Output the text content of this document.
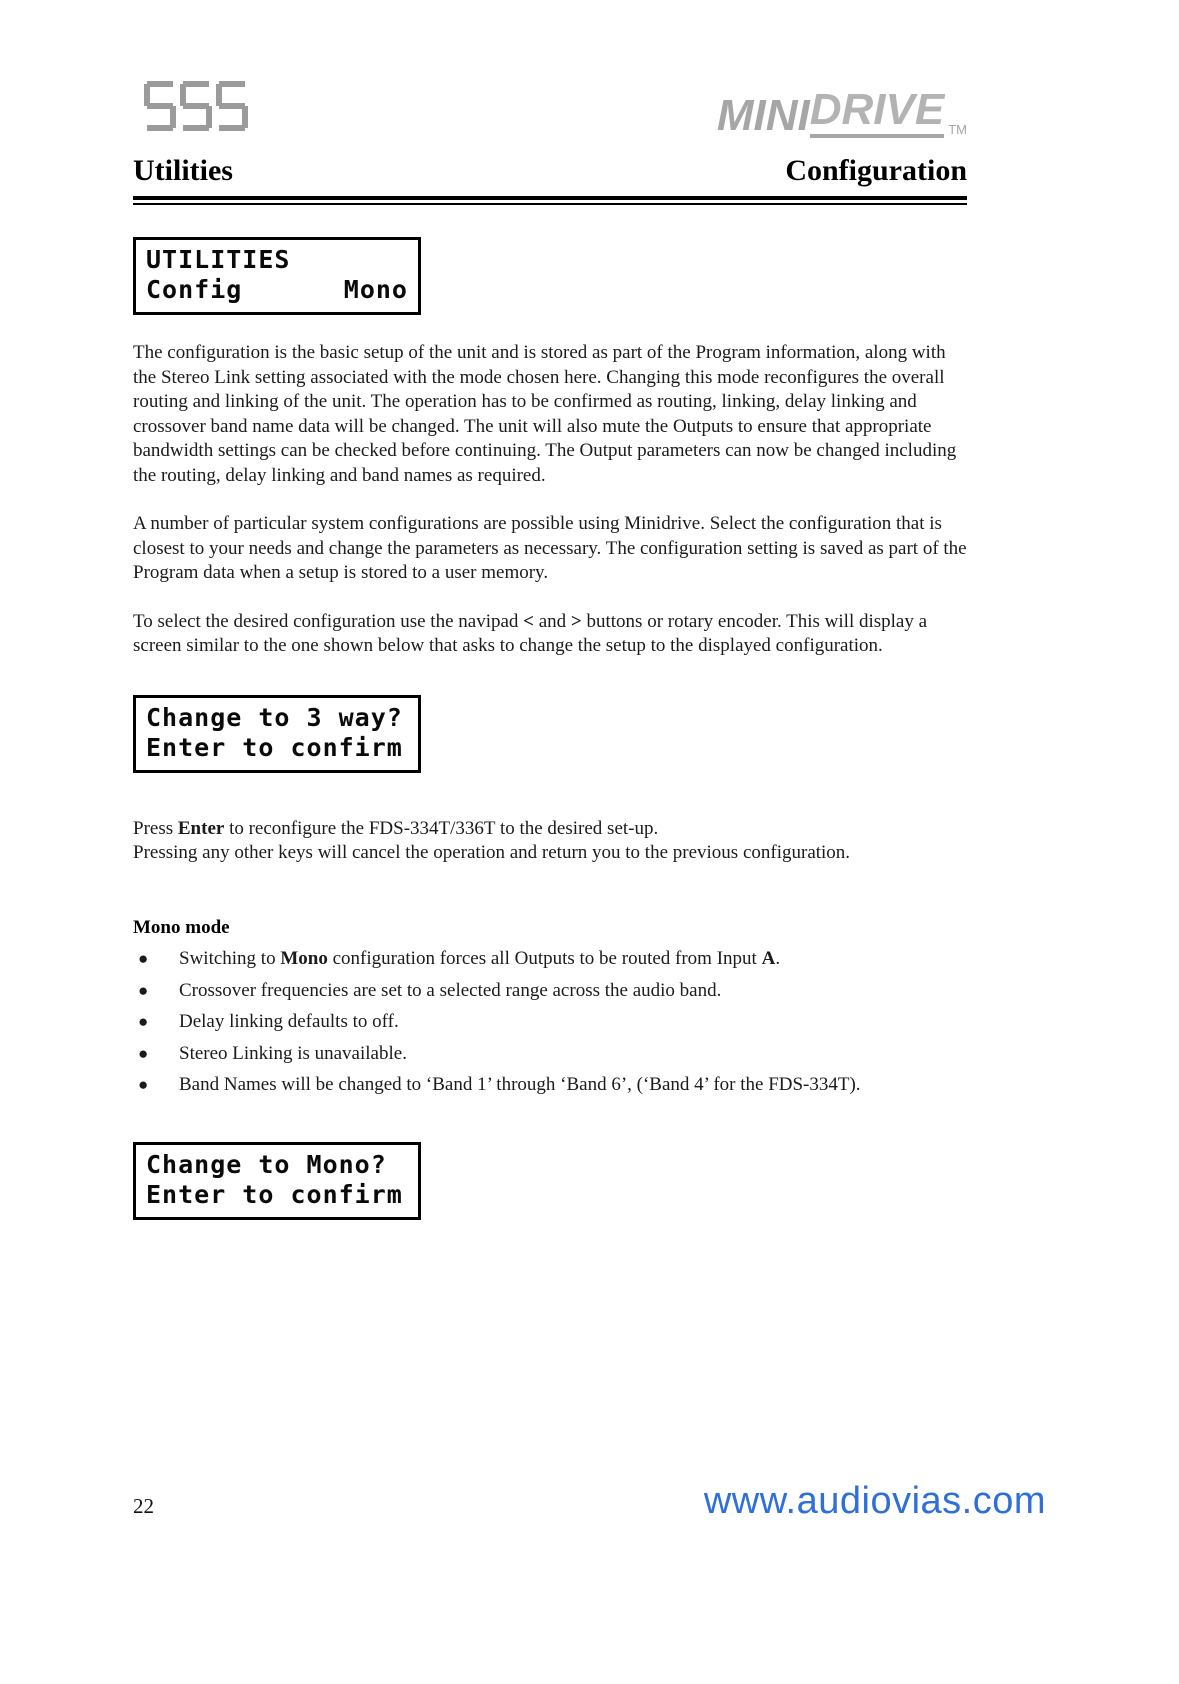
MINI DRIVE TM
Utilities	Configuration
UTILITIES
Config	Mono

The configuration is the basic setup of the unit and is stored as part of the Program information, along with the Stereo Link setting associated with the mode chosen here. Changing this mode reconfigures the overall routing and linking of the unit. The operation has to be confirmed as routing, linking, delay linking and crossover band name data will be changed. The unit will also mute the Outputs to ensure that appropriate bandwidth settings can be checked before continuing. The Output parameters can now be changed including the routing, delay linking and band names as required.

A number of particular system configurations are possible using Minidrive. Select the configuration that is closest to your needs and change the parameters as necessary. The configuration setting is saved as part of the Program data when a setup is stored to a user memory.

To select the desired configuration use the navipad < and > buttons or rotary encoder. This will display a screen similar to the one shown below that asks to change the setup to the displayed configuration.

Change to 3 way?
Enter to confirm

Press Enter to reconfigure the FDS-334T/336T to the desired set-up.

Pressing any other keys will cancel the operation and return you to the previous configuration.

Mono mode
●	Switching to Mono configuration forces all Outputs to be routed from Input A.
●	Crossover frequencies are set to a selected range across the audio band.
●	Delay linking defaults to off.
●	Stereo Linking is unavailable.
●	Band Names will be changed to ‘Band 1’ through ‘Band 6’, (‘Band 4’ for the FDS-334T).
Change to Mono?
Enter to confirm
22	www.audiovias.com
